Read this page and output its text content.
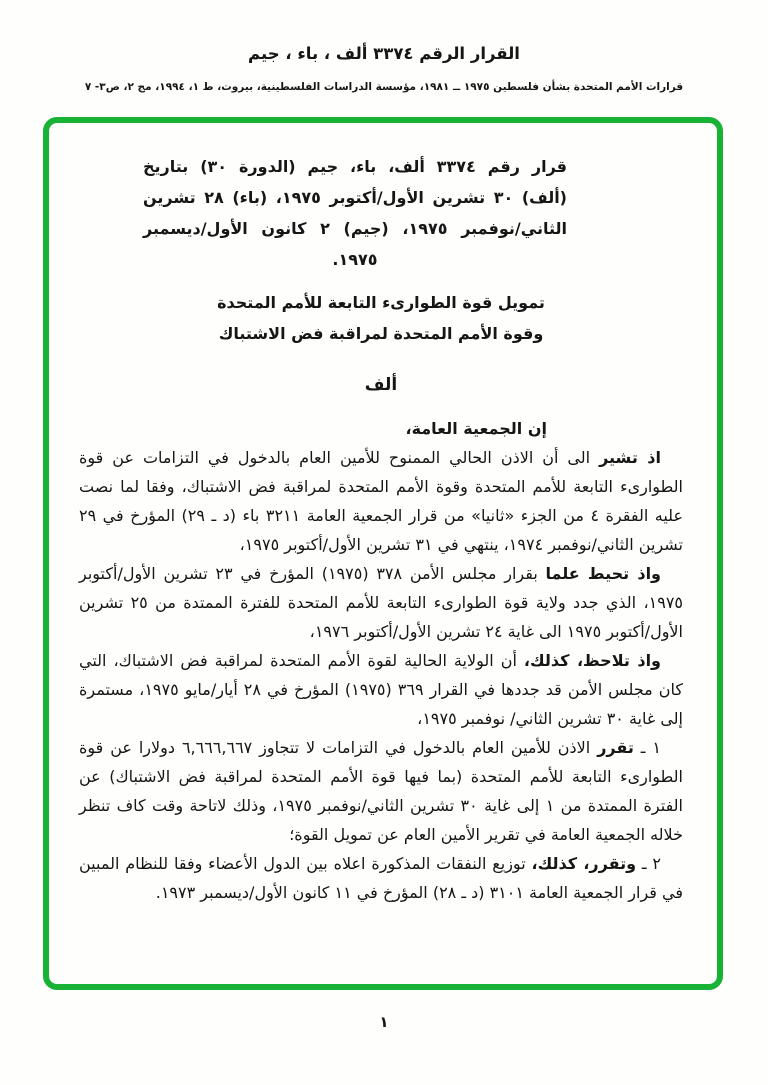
القرار الرقم ٣٣٧٤ ألف ، باء ، جيم
قرارات الأمم المتحدة بشأن فلسطين ١٩٧٥ ــ ١٩٨١، مؤسسة الدراسات الفلسطينية، بيروت، ط ١، ١٩٩٤، مج ٢، ص٣- ٧

قرار رقم ٣٣٧٤ ألف، باء، جيم (الدورة ٣٠) بتاريخ (ألف) ٣٠ تشرين الأول/أكتوبر ١٩٧٥، (باء) ٢٨ تشرين الثاني/نوفمبر ١٩٧٥، (جيم) ٢ كانون الأول/ديسمبر ١٩٧٥.

تمويل قوة الطوارىء التابعة للأمم المتحدة
وقوة الأمم المتحدة لمراقبة فض الاشتباك
ألف
إن الجمعية العامة،

اذ تشير الى أن الاذن الحالي الممنوح للأمين العام بالدخول في التزامات عن قوة الطوارىء التابعة للأمم المتحدة وقوة الأمم المتحدة لمراقبة فض الاشتباك، وفقا لما نصت عليه الفقرة ٤ من الجزء «ثانيا» من قرار الجمعية العامة ٣٢١١ باء (د ـ ٢٩) المؤرخ في ٢٩ تشرين الثاني/نوفمبر ١٩٧٤، ينتهي في ٣١ تشرين الأول/أكتوبر ١٩٧٥،

واذ تحيط علما بقرار مجلس الأمن ٣٧٨ (١٩٧٥) المؤرخ في ٢٣ تشرين الأول/أكتوبر ١٩٧٥، الذي جدد ولاية قوة الطوارىء التابعة للأمم المتحدة للفترة الممتدة من ٢٥ تشرين الأول/أكتوبر ١٩٧٥ الى غاية ٢٤ تشرين الأول/أكتوبر ١٩٧٦،

واذ تلاحظ، كذلك، أن الولاية الحالية لقوة الأمم المتحدة لمراقبة فض الاشتباك، التي كان مجلس الأمن قد جددها في القرار ٣٦٩ (١٩٧٥) المؤرخ في ٢٨ أيار/مايو ١٩٧٥، مستمرة إلى غاية ٣٠ تشرين الثاني/ نوفمبر ١٩٧٥،

١ ـ تقرر الاذن للأمين العام بالدخول في التزامات لا تتجاوز ٦,٦٦٦,٦٦٧ دولارا عن قوة الطوارىء التابعة للأمم المتحدة (بما فيها قوة الأمم المتحدة لمراقبة فض الاشتباك) عن الفترة الممتدة من ١ إلى غاية ٣٠ تشرين الثاني/نوفمبر ١٩٧٥، وذلك لاتاحة وقت كاف تنظر خلاله الجمعية العامة في تقرير الأمين العام عن تمويل القوة؛

٢ ـ وتقرر، كذلك، توزيع النفقات المذكورة اعلاه بين الدول الأعضاء وفقا للنظام المبين في قرار الجمعية العامة ٣١٠١ (د ـ ٢٨) المؤرخ في ١١ كانون الأول/ديسمبر ١٩٧٣.

١
